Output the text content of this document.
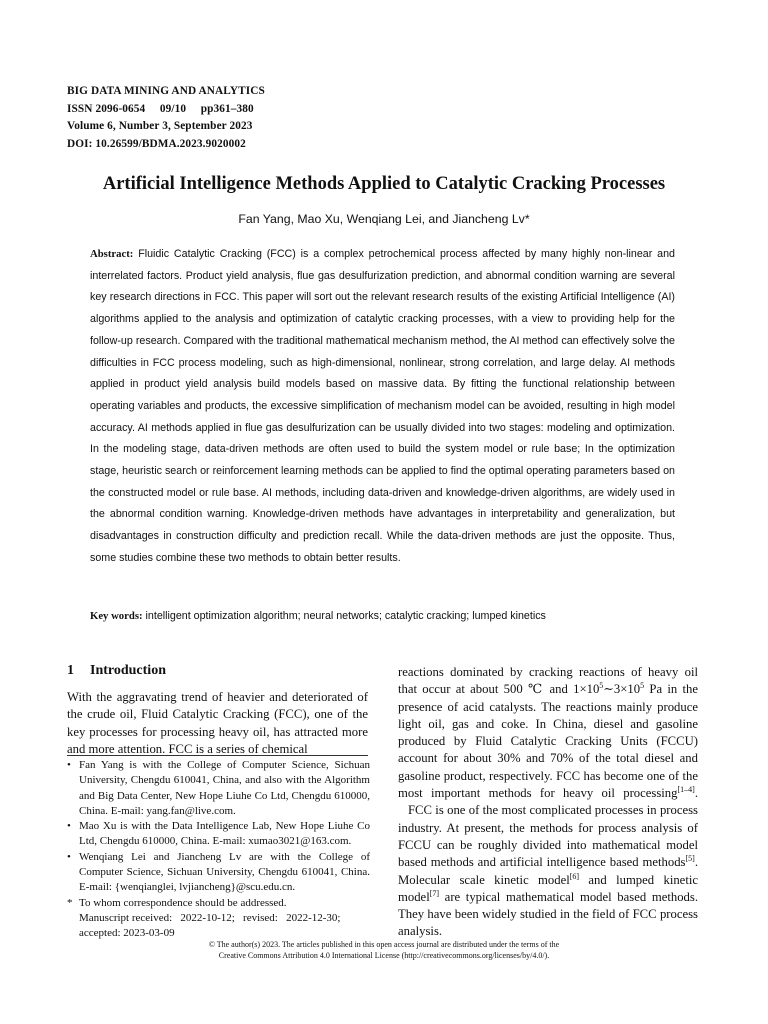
BIG DATA MINING AND ANALYTICS
ISSN 2096-0654     09/10     pp361–380
Volume 6, Number 3, September 2023
DOI: 10.26599/BDMA.2023.9020002
Artificial Intelligence Methods Applied to Catalytic Cracking Processes
Fan Yang, Mao Xu, Wenqiang Lei, and Jiancheng Lv*
Abstract: Fluidic Catalytic Cracking (FCC) is a complex petrochemical process affected by many highly non-linear and interrelated factors. Product yield analysis, flue gas desulfurization prediction, and abnormal condition warning are several key research directions in FCC. This paper will sort out the relevant research results of the existing Artificial Intelligence (AI) algorithms applied to the analysis and optimization of catalytic cracking processes, with a view to providing help for the follow-up research. Compared with the traditional mathematical mechanism method, the AI method can effectively solve the difficulties in FCC process modeling, such as high-dimensional, nonlinear, strong correlation, and large delay. AI methods applied in product yield analysis build models based on massive data. By fitting the functional relationship between operating variables and products, the excessive simplification of mechanism model can be avoided, resulting in high model accuracy. AI methods applied in flue gas desulfurization can be usually divided into two stages: modeling and optimization. In the modeling stage, data-driven methods are often used to build the system model or rule base; In the optimization stage, heuristic search or reinforcement learning methods can be applied to find the optimal operating parameters based on the constructed model or rule base. AI methods, including data-driven and knowledge-driven algorithms, are widely used in the abnormal condition warning. Knowledge-driven methods have advantages in interpretability and generalization, but disadvantages in construction difficulty and prediction recall. While the data-driven methods are just the opposite. Thus, some studies combine these two methods to obtain better results.
Key words: intelligent optimization algorithm; neural networks; catalytic cracking; lumped kinetics
1 Introduction
With the aggravating trend of heavier and deteriorated of the crude oil, Fluid Catalytic Cracking (FCC), one of the key processes for processing heavy oil, has attracted more and more attention. FCC is a series of chemical
• Fan Yang is with the College of Computer Science, Sichuan University, Chengdu 610041, China, and also with the Algorithm and Big Data Center, New Hope Liuhe Co Ltd, Chengdu 610000, China. E-mail: yang.fan@live.com.
• Mao Xu is with the Data Intelligence Lab, New Hope Liuhe Co Ltd, Chengdu 610000, China. E-mail: xumao3021@163.com.
• Wenqiang Lei and Jiancheng Lv are with the College of Computer Science, Sichuan University, Chengdu 610041, China. E-mail: {wenqianglei, lvjiancheng}@scu.edu.cn.
* To whom correspondence should be addressed.
Manuscript received:   2022-10-12;   revised:   2022-12-30;
accepted: 2023-03-09
reactions dominated by cracking reactions of heavy oil that occur at about 500 ℃ and $1\times 10^5\sim 3\times 10^5$ Pa in the presence of acid catalysts. The reactions mainly produce light oil, gas and coke. In China, diesel and gasoline produced by Fluid Catalytic Cracking Units (FCCU) account for about 30% and 70% of the total diesel and gasoline product, respectively. FCC has become one of the most important methods for heavy oil processing[1–4].
FCC is one of the most complicated processes in process industry. At present, the methods for process analysis of FCCU can be roughly divided into mathematical model based methods and artificial intelligence based methods[5]. Molecular scale kinetic model[6] and lumped kinetic model[7] are typical mathematical model based methods. They have been widely studied in the field of FCC process analysis.
© The author(s) 2023. The articles published in this open access journal are distributed under the terms of the
Creative Commons Attribution 4.0 International License (http://creativecommons.org/licenses/by/4.0/).
